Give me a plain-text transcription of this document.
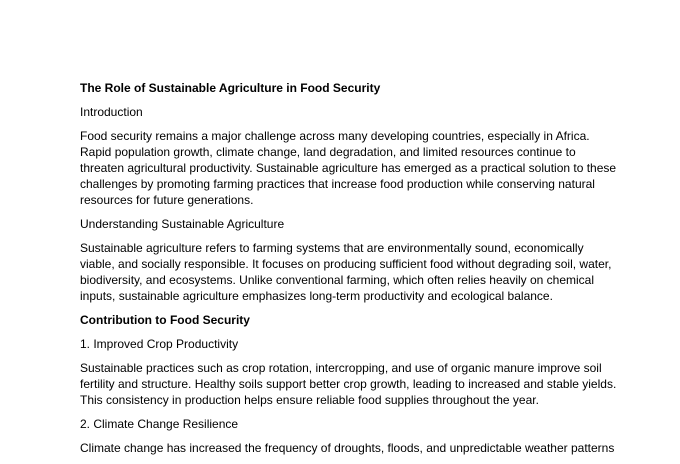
The Role of Sustainable Agriculture in Food Security

Introduction

Food security remains a major challenge across many developing countries, especially in Africa. Rapid population growth, climate change, land degradation, and limited resources continue to threaten agricultural productivity. Sustainable agriculture has emerged as a practical solution to these challenges by promoting farming practices that increase food production while conserving natural resources for future generations.

Understanding Sustainable Agriculture

Sustainable agriculture refers to farming systems that are environmentally sound, economically viable, and socially responsible. It focuses on producing sufficient food without degrading soil, water, biodiversity, and ecosystems. Unlike conventional farming, which often relies heavily on chemical inputs, sustainable agriculture emphasizes long-term productivity and ecological balance.

Contribution to Food Security

1. Improved Crop Productivity

Sustainable practices such as crop rotation, intercropping, and use of organic manure improve soil fertility and structure. Healthy soils support better crop growth, leading to increased and stable yields. This consistency in production helps ensure reliable food supplies throughout the year.

2. Climate Change Resilience

Climate change has increased the frequency of droughts, floods, and unpredictable weather patterns
